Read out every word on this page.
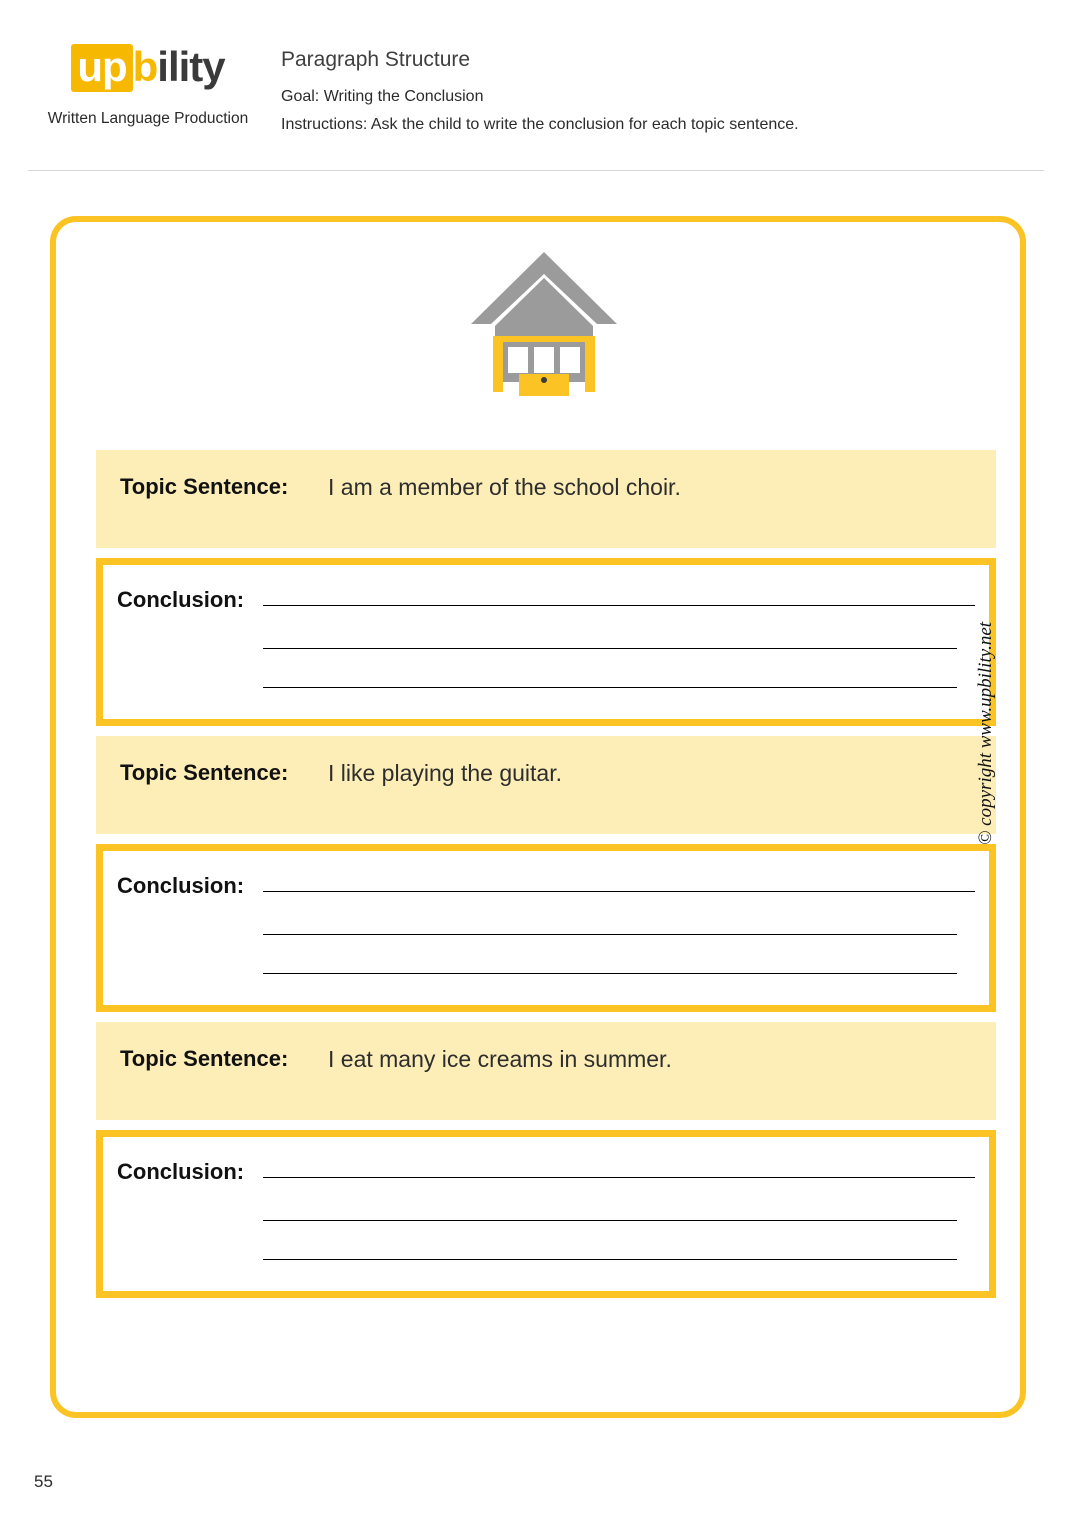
up bility
Written Language Production
Paragraph Structure
Goal: Writing the Conclusion
Instructions: Ask the child to write the conclusion for each topic sentence.
Topic Sentence:	I am a member of the school choir.
Conclusion:
Topic Sentence:	I like playing the guitar.
Conclusion:
Topic Sentence:	I eat many ice creams in summer.
Conclusion:
© copyright www.upbility.net
55
